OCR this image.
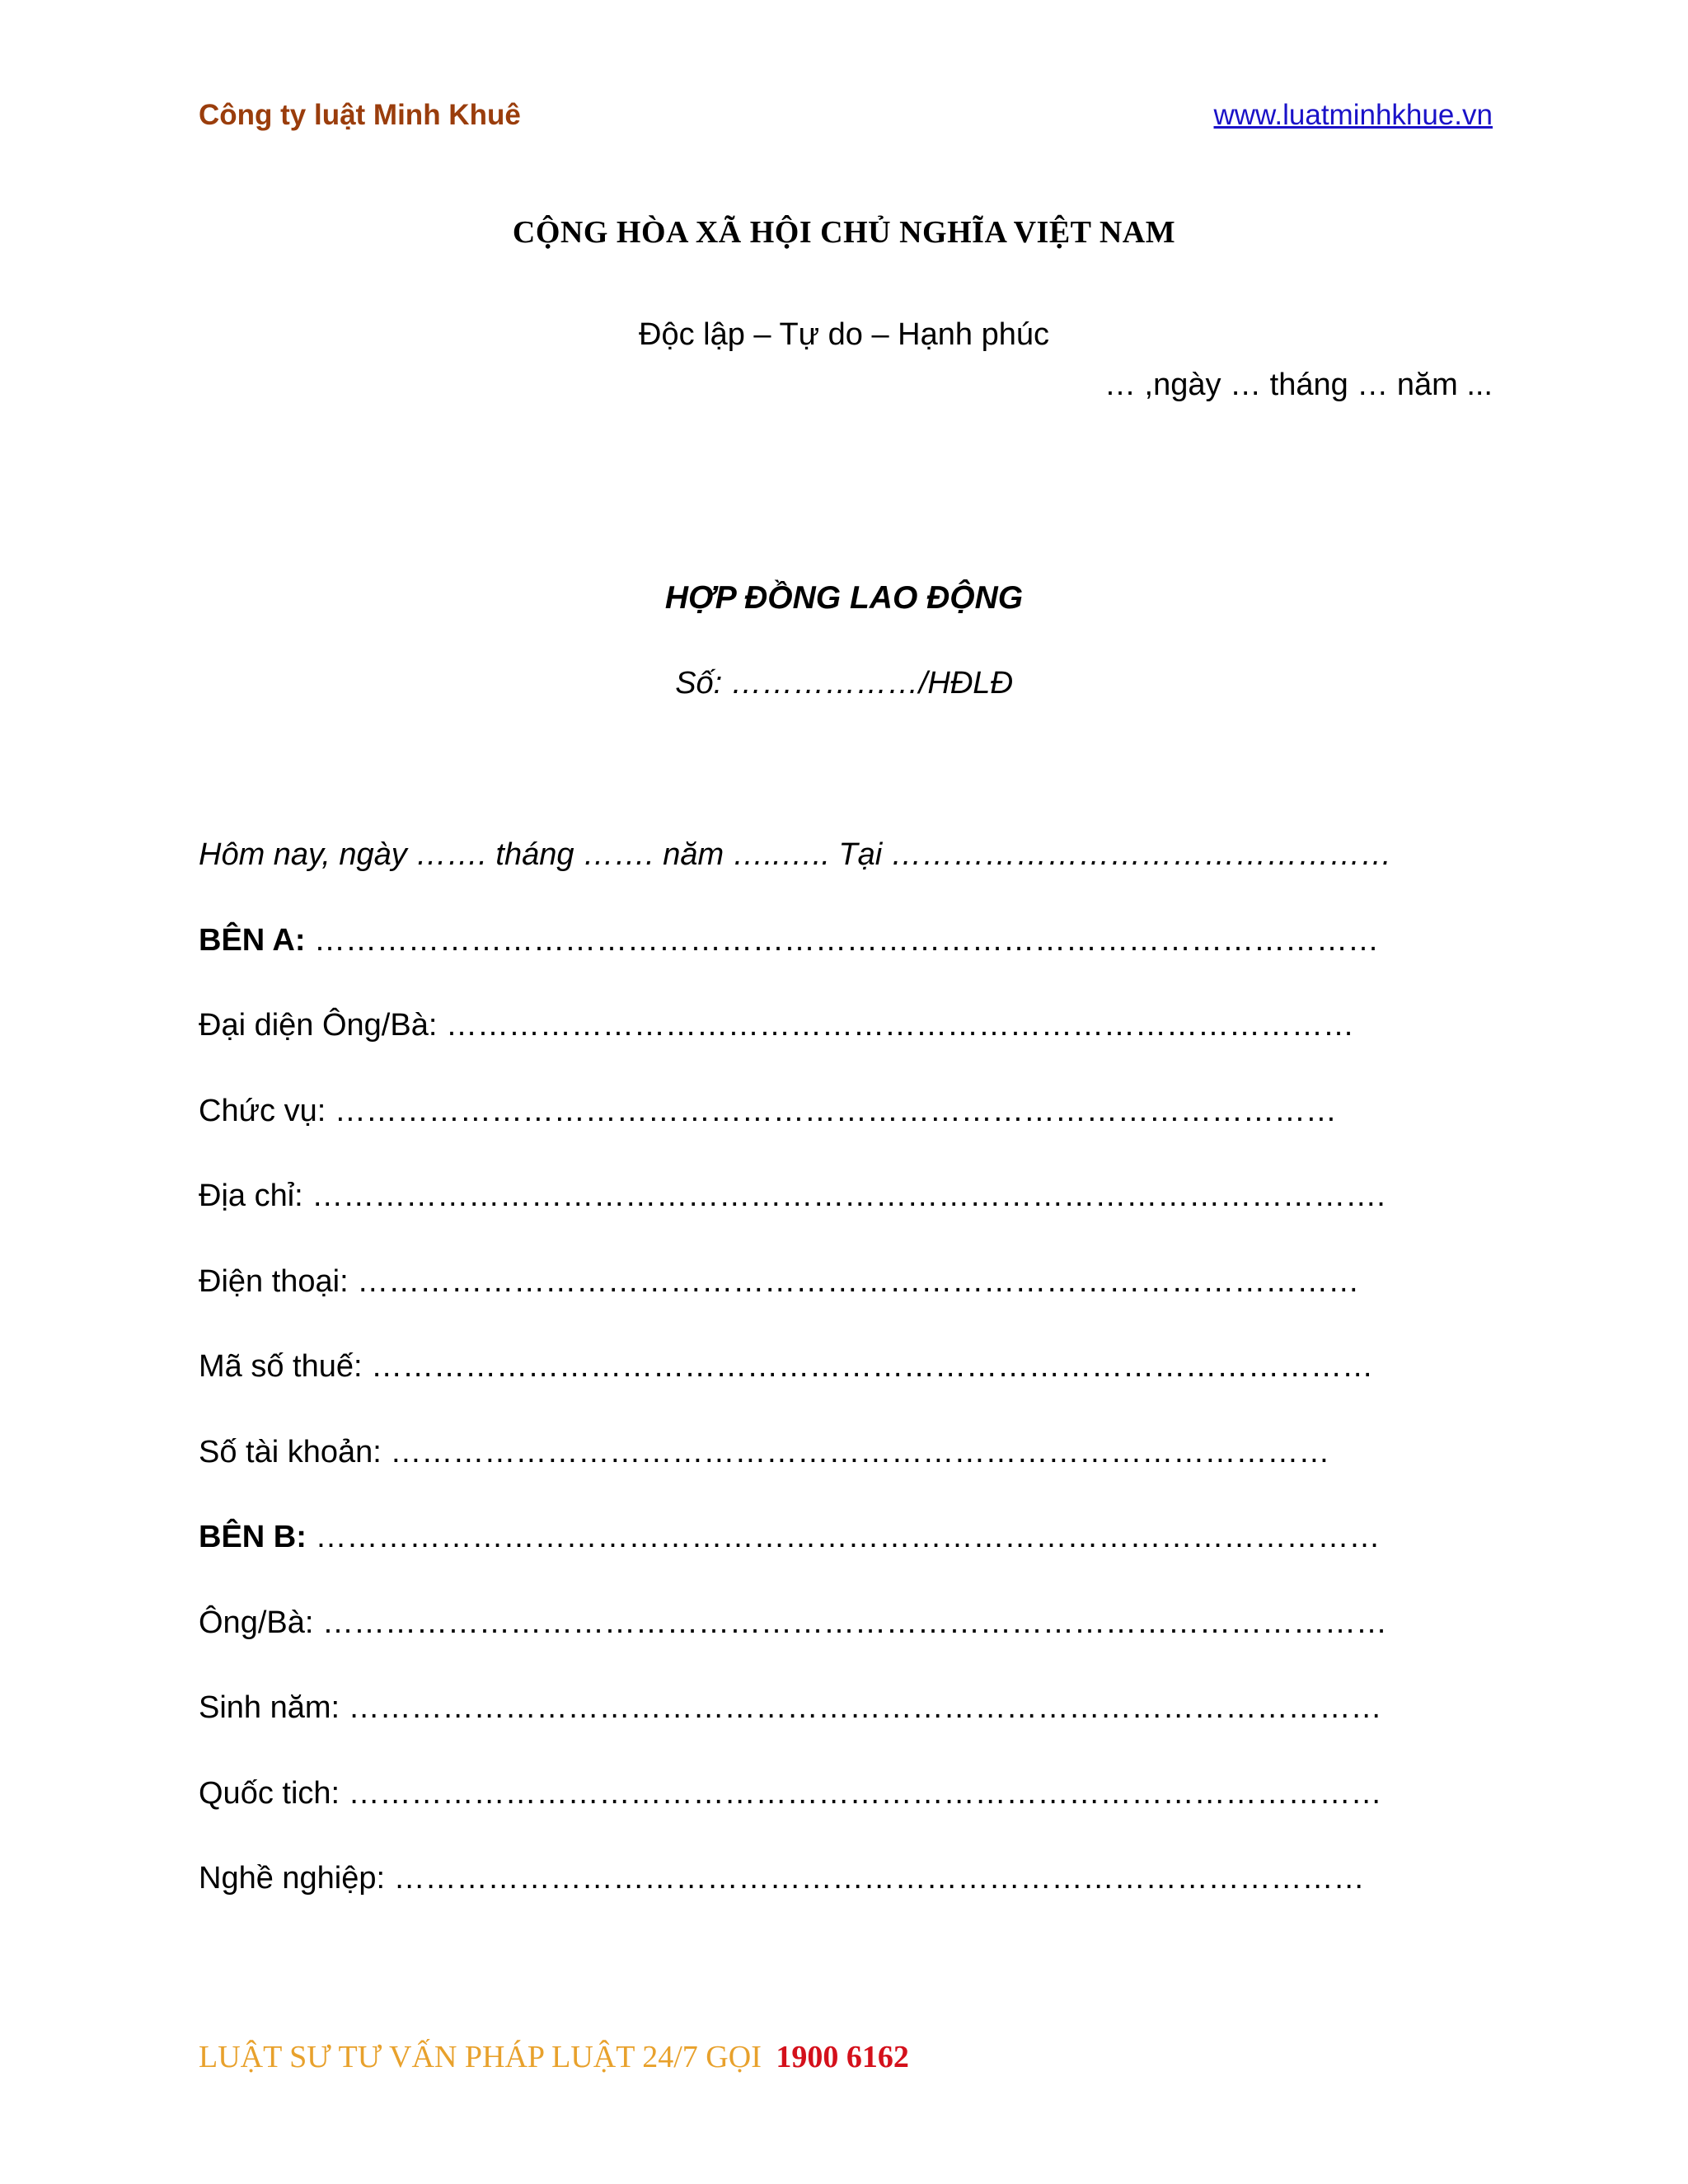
Công ty luật Minh Khuê	www.luatminhkhue.vn
CỘNG HÒA XÃ HỘI CHỦ NGHĨA VIỆT NAM
Độc lập – Tự do – Hạnh phúc
… ,ngày … tháng … năm ...
HỢP ĐỒNG LAO ĐỘNG
Số: ………………/HĐLĐ
Hôm nay, ngày ……. tháng ……. năm …..….. Tại …………………………………………
BÊN A: …………………………………………………………………………………………
Đại diện Ông/Bà: ……………………………………………………………………………
Chức vụ: ……………………………………………………………………………………
Địa chỉ: ………………………………………………………………………………………….
Điện thoại: ……………………………………………………………………………………
Mã số thuế: ……………………………………………………………………………………
Số tài khoản: ………………………………………………………………………………
BÊN B: …………………………………………………………………………………………
Ông/Bà: …………………………………………………………………………………………
Sinh năm: ………………………………………………………………………………………
Quốc tich: ………………………………………………………………………………………
Nghề nghiệp: …………………………………………………………………………………
LUẬT SƯ TƯ VẤN PHÁP LUẬT 24/7 GỌI 1900 6162
